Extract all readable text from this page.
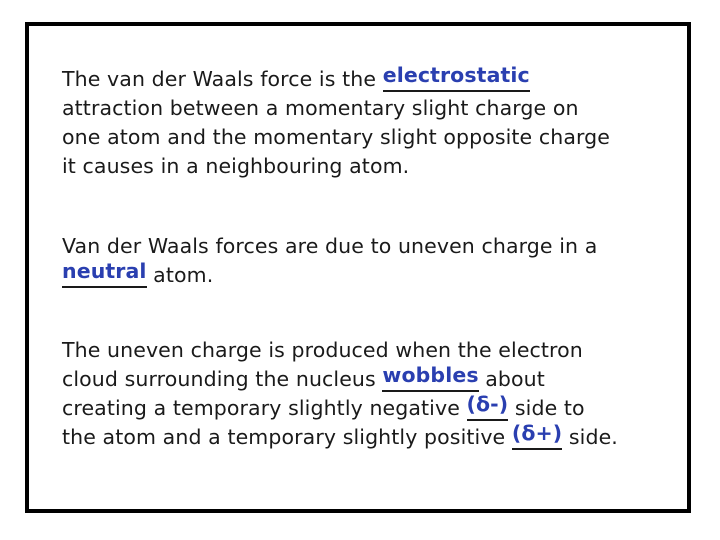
The van der Waals force is the electrostatic
attraction between a momentary slight charge on
one atom and the momentary slight opposite charge
it causes in a neighbouring atom.
Van der Waals forces are due to uneven charge in a
neutral atom.
The uneven charge is produced when the electron
cloud surrounding the nucleus wobbles about
creating a temporary slightly negative (δ-) side to
the atom and a temporary slightly positive (δ+) side.
